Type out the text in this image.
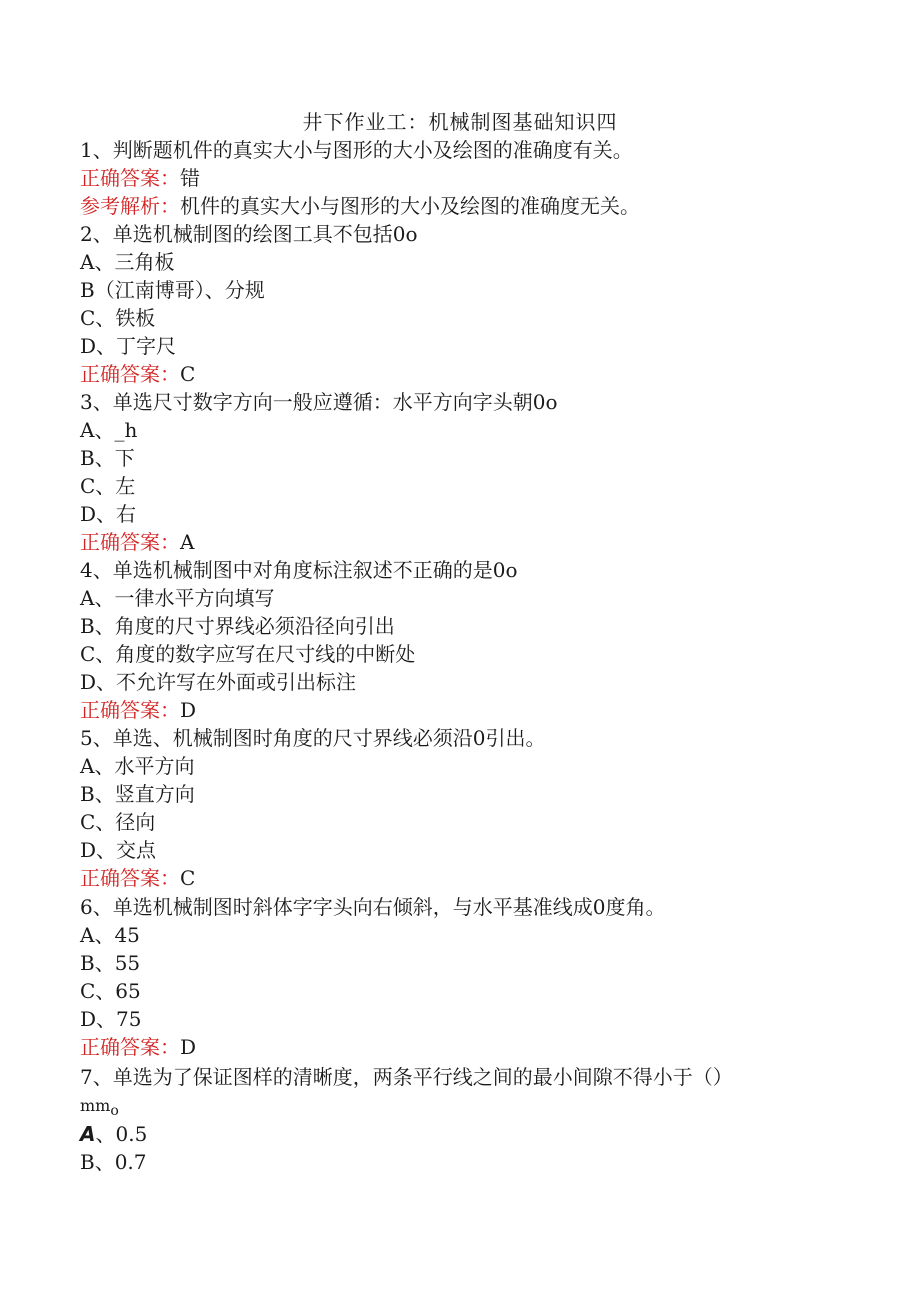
井下作业工：机械制图基础知识四
1、判断题机件的真实大小与图形的大小及绘图的准确度有关。
正确答案：错
参考解析：机件的真实大小与图形的大小及绘图的准确度无关。
2、单选机械制图的绘图工具不包括0o
A、三角板
B（江南博哥）、分规
C、铁板
D、丁字尺
正确答案：C
3、单选尺寸数字方向一般应遵循：水平方向字头朝0o
A、_h
B、下
C、左
D、右
正确答案：A
4、单选机械制图中对角度标注叙述不正确的是0o
A、一律水平方向填写
B、角度的尺寸界线必须沿径向引出
C、角度的数字应写在尺寸线的中断处
D、不允许写在外面或引出标注
正确答案：D
5、单选、机械制图时角度的尺寸界线必须沿0引出。
A、水平方向
B、竖直方向
C、径向
D、交点
正确答案：C
6、单选机械制图时斜体字字头向右倾斜，与水平基准线成0度角。
A、45
B、55
C、65
D、75
正确答案：D
7、单选为了保证图样的清晰度，两条平行线之间的最小间隙不得小于（）
mmo
A、0.5
B、0.7
